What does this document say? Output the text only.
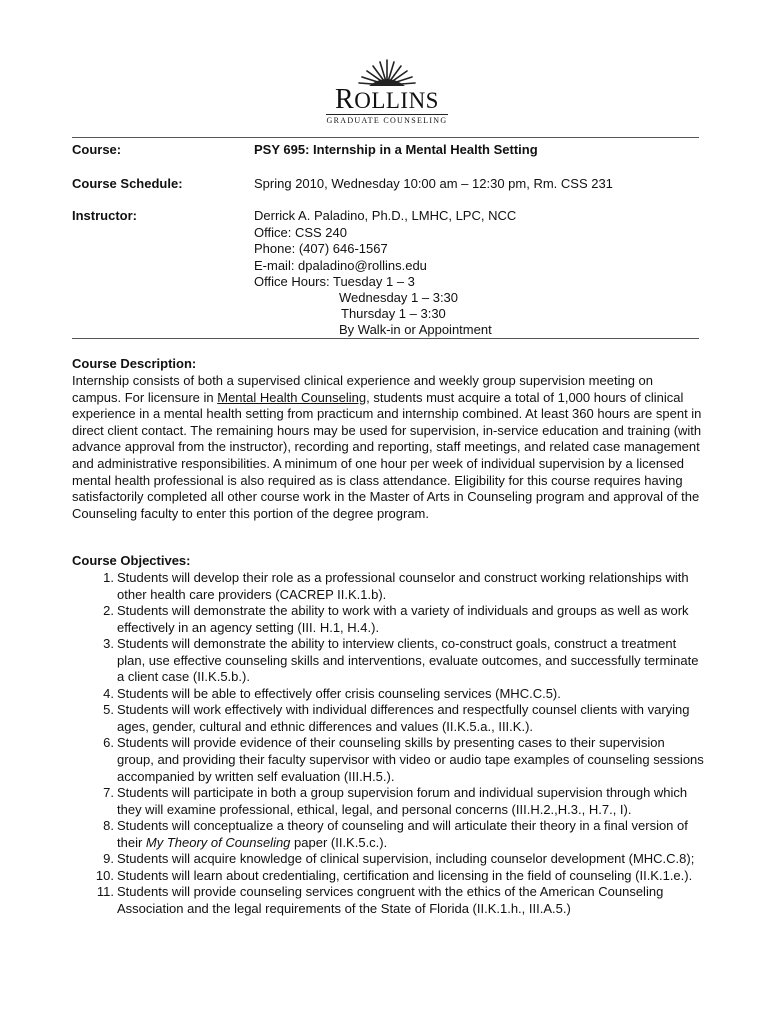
ROLLINS
GRADUATE COUNSELING
Course:	PSY 695: Internship in a Mental Health Setting
Course Schedule:	Spring 2010, Wednesday 10:00 am – 12:30 pm, Rm. CSS 231
Instructor:	Derrick A. Paladino, Ph.D., LMHC, LPC, NCC
Office: CSS 240
Phone: (407) 646-1567
E-mail: dpaladino@rollins.edu
Office Hours: Tuesday 1 – 3
Wednesday 1 – 3:30
Thursday 1 – 3:30
By Walk-in or Appointment
Course Description:
Internship consists of both a supervised clinical experience and weekly group supervision meeting on campus. For licensure in Mental Health Counseling, students must acquire a total of 1,000 hours of clinical experience in a mental health setting from practicum and internship combined. At least 360 hours are spent in direct client contact. The remaining hours may be used for supervision, in-service education and training (with advance approval from the instructor), recording and reporting, staff meetings, and related case management and administrative responsibilities. A minimum of one hour per week of individual supervision by a licensed mental health professional is also required as is class attendance. Eligibility for this course requires having satisfactorily completed all other course work in the Master of Arts in Counseling program and approval of the Counseling faculty to enter this portion of the degree program.
Course Objectives:
1. Students will develop their role as a professional counselor and construct working relationships with other health care providers (CACREP II.K.1.b).
2. Students will demonstrate the ability to work with a variety of individuals and groups as well as work effectively in an agency setting (III. H.1, H.4.).
3. Students will demonstrate the ability to interview clients, co-construct goals, construct a treatment plan, use effective counseling skills and interventions, evaluate outcomes, and successfully terminate a client case (II.K.5.b.).
4. Students will be able to effectively offer crisis counseling services (MHC.C.5).
5. Students will work effectively with individual differences and respectfully counsel clients with varying ages, gender, cultural and ethnic differences and values (II.K.5.a., III.K.).
6. Students will provide evidence of their counseling skills by presenting cases to their supervision group, and providing their faculty supervisor with video or audio tape examples of counseling sessions accompanied by written self evaluation (III.H.5.).
7. Students will participate in both a group supervision forum and individual supervision through which they will examine professional, ethical, legal, and personal concerns (III.H.2.,H.3., H.7., I).
8. Students will conceptualize a theory of counseling and will articulate their theory in a final version of their My Theory of Counseling paper (II.K.5.c.).
9. Students will acquire knowledge of clinical supervision, including counselor development (MHC.C.8);
10. Students will learn about credentialing, certification and licensing in the field of counseling (II.K.1.e.).
11. Students will provide counseling services congruent with the ethics of the American Counseling Association and the legal requirements of the State of Florida (II.K.1.h., III.A.5.)
